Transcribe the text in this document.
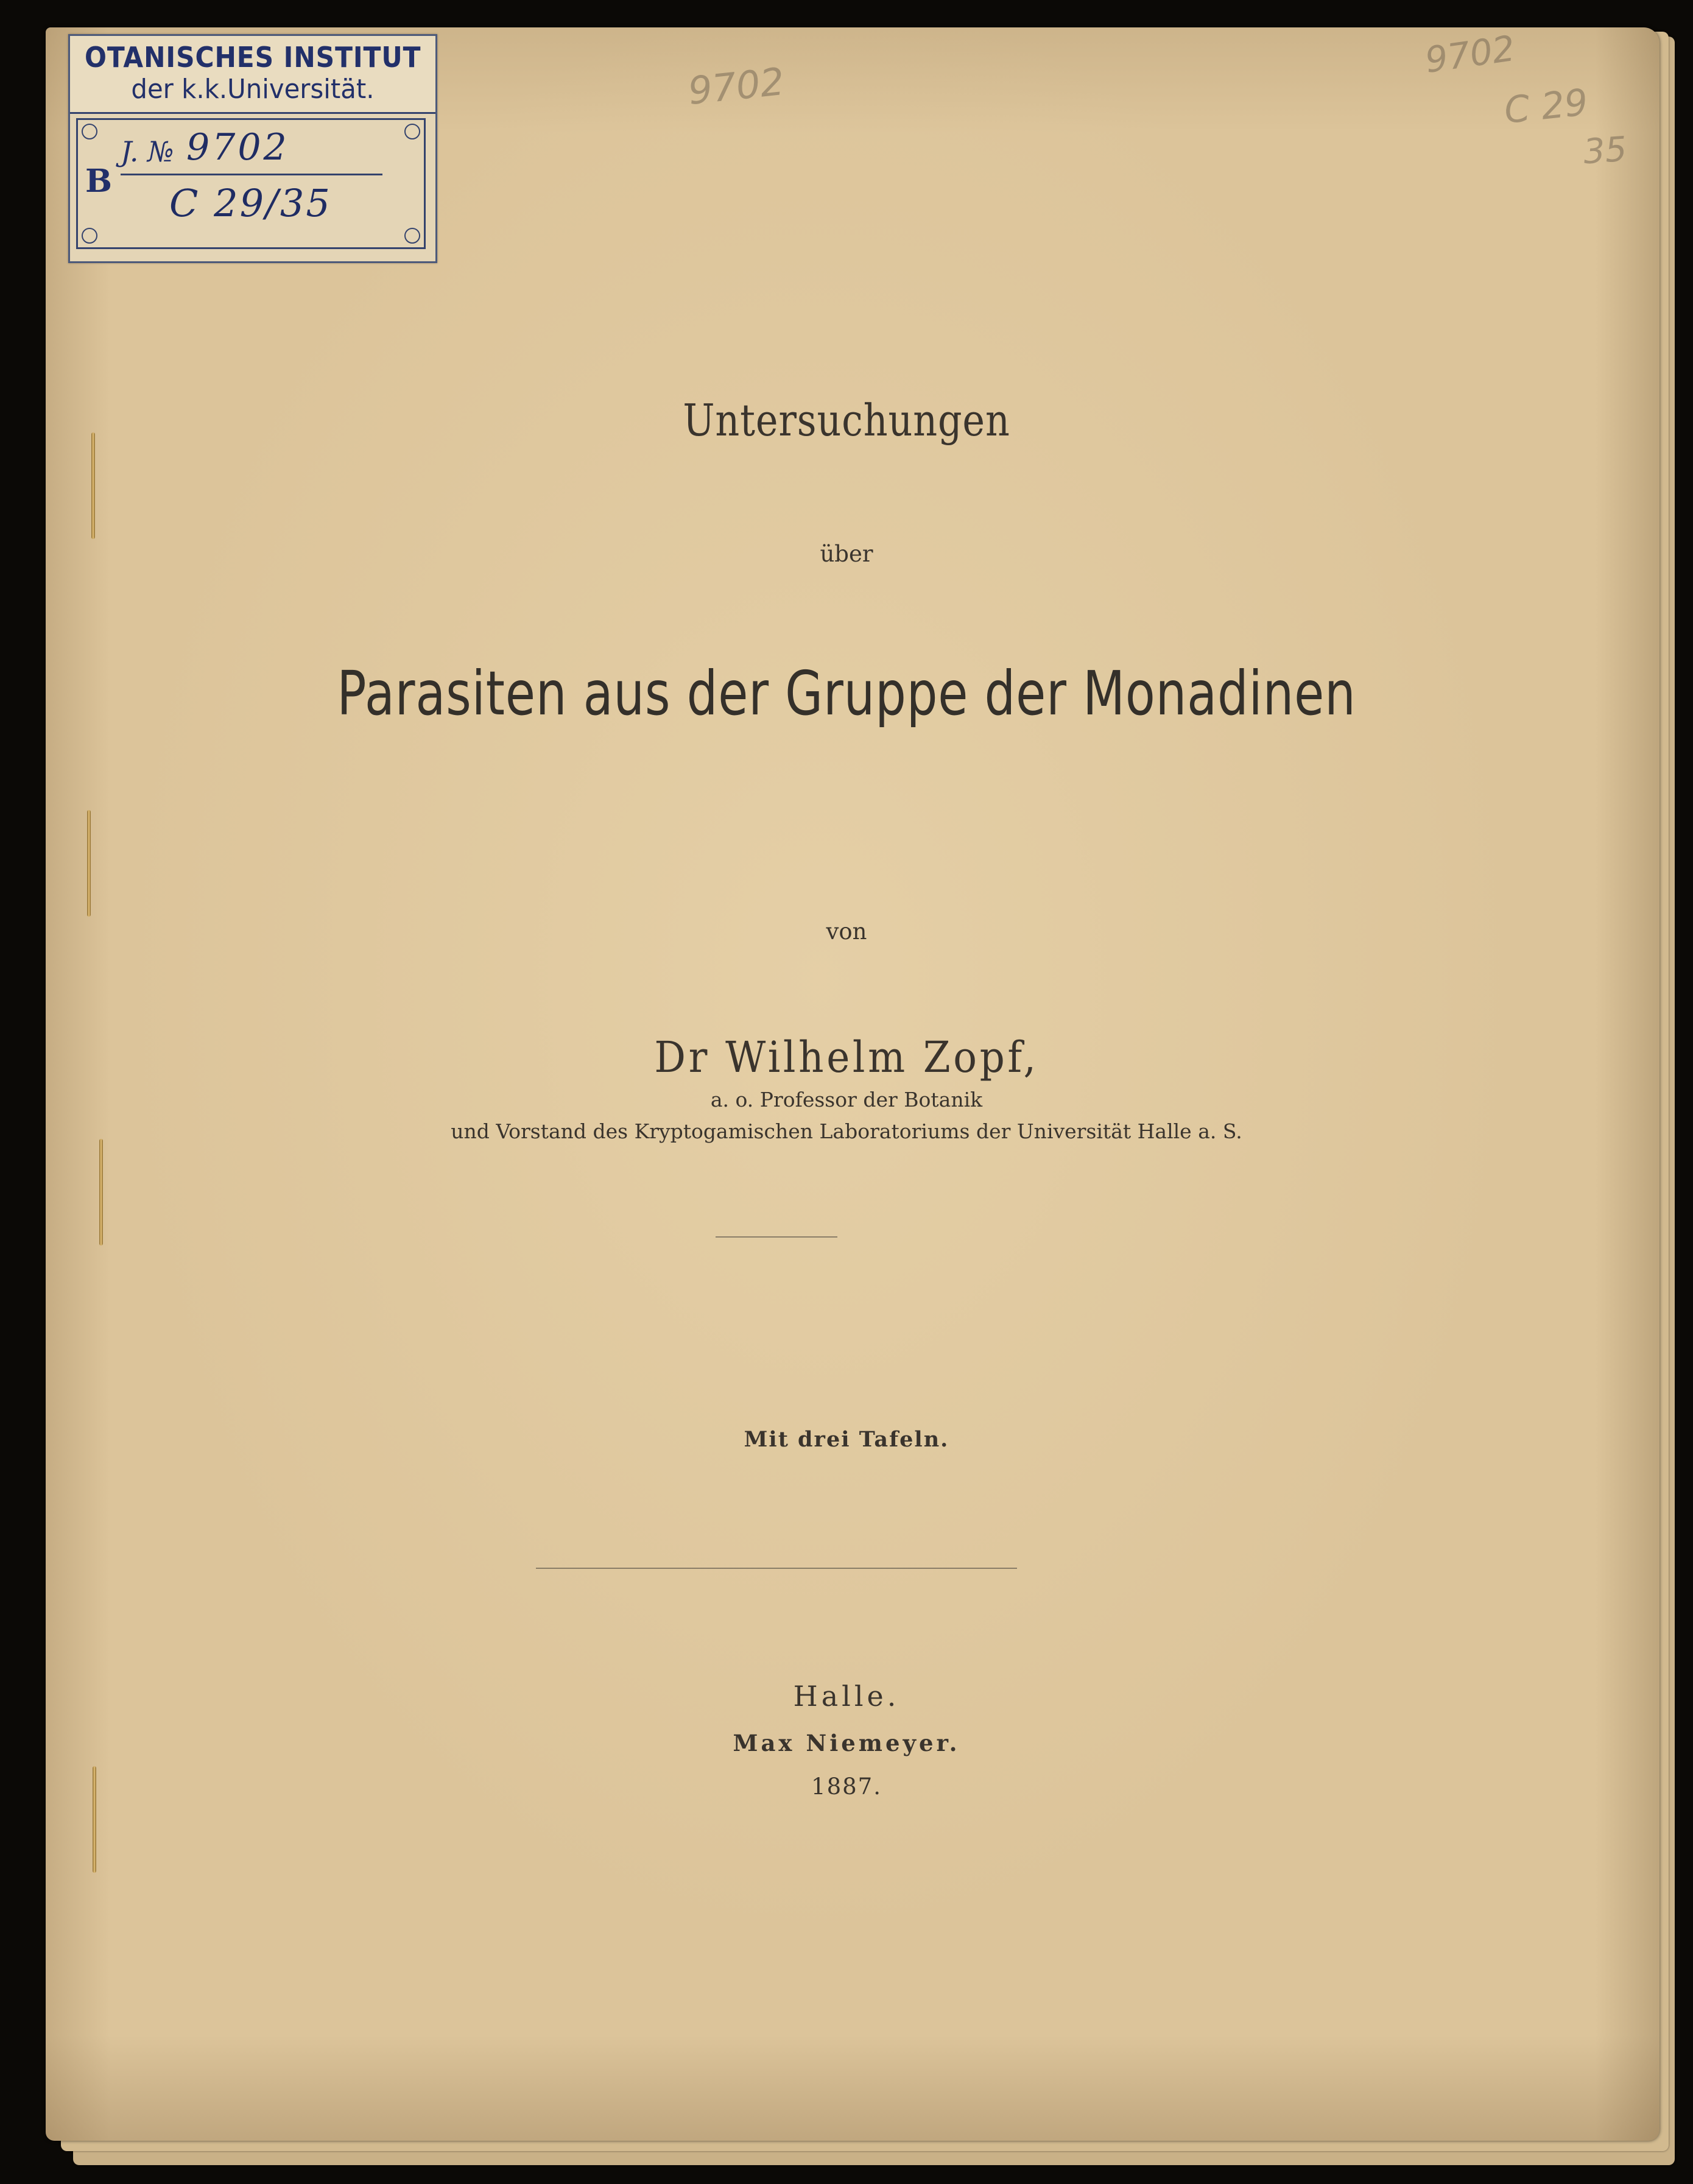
9702
9702
C 29
35
OTANISCHES INSTITUT
der k.k.Universität.
B
J. № 9702
C 29/35
Untersuchungen
über
Parasiten aus der Gruppe der Monadinen
von
Dr Wilhelm Zopf,
a. o. Professor der Botanik
und Vorstand des Kryptogamischen Laboratoriums der Universität Halle a. S.
Mit drei Tafeln.
Halle.
Max Niemeyer.
1887.
